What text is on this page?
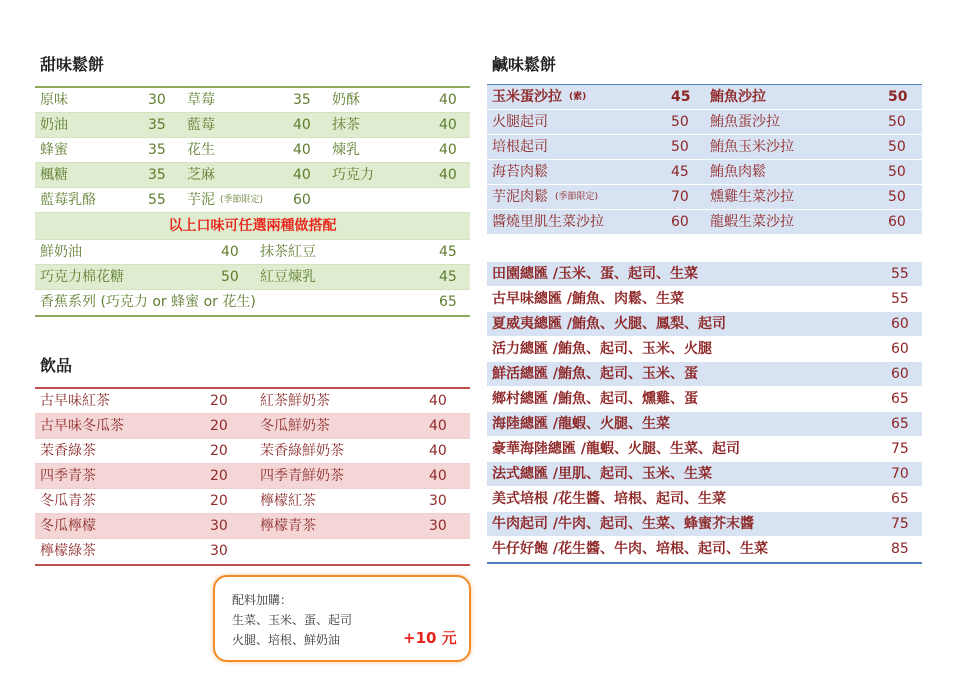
甜味鬆餅
原味	30 草莓	35 奶酥	40
奶油	35 藍莓	40 抹茶	40
蜂蜜	35 花生	40 煉乳	40
楓糖	35 芝麻	40 巧克力	40
藍莓乳酪	55 芋泥 (季節限定) 60
以上口味可任選兩種做搭配
鮮奶油	40 抹茶紅豆	45
巧克力棉花糖	50 紅豆煉乳	45
香蕉系列 (巧克力 or 蜂蜜 or 花生)	65
飲品
古早味紅茶	20 紅茶鮮奶茶	40
古早味冬瓜茶	20 冬瓜鮮奶茶	40
茉香綠茶	20 茉香綠鮮奶茶	40
四季青茶	20 四季青鮮奶茶	40
冬瓜青茶	20 檸檬紅茶	30
冬瓜檸檬	30 檸檬青茶	30
檸檬綠茶	30
配料加購：
生菜、玉米、蛋、起司
火腿、培根、鮮奶油	+10 元
鹹味鬆餅
玉米蛋沙拉 (素)	45 鮪魚沙拉	50
火腿起司	50 鮪魚蛋沙拉	50
培根起司	50 鮪魚玉米沙拉	50
海苔肉鬆	45 鮪魚肉鬆	50
芋泥肉鬆 (季節限定)	70 燻雞生菜沙拉	50
醬燒里肌生菜沙拉	60 龍蝦生菜沙拉	60
田園總匯 /玉米、蛋、起司、生菜	55
古早味總匯 /鮪魚、肉鬆、生菜	55
夏威夷總匯 /鮪魚、火腿、鳳梨、起司	60
活力總匯 /鮪魚、起司、玉米、火腿	60
鮮活總匯 /鮪魚、起司、玉米、蛋	60
鄉村總匯 /鮪魚、起司、燻雞、蛋	65
海陸總匯 /龍蝦、火腿、生菜	65
豪華海陸總匯 /龍蝦、火腿、生菜、起司	75
法式總匯 /里肌、起司、玉米、生菜	70
美式培根 /花生醬、培根、起司、生菜	65
牛肉起司 /牛肉、起司、生菜、蜂蜜芥末醬	75
牛仔好飽 /花生醬、牛肉、培根、起司、生菜	85
